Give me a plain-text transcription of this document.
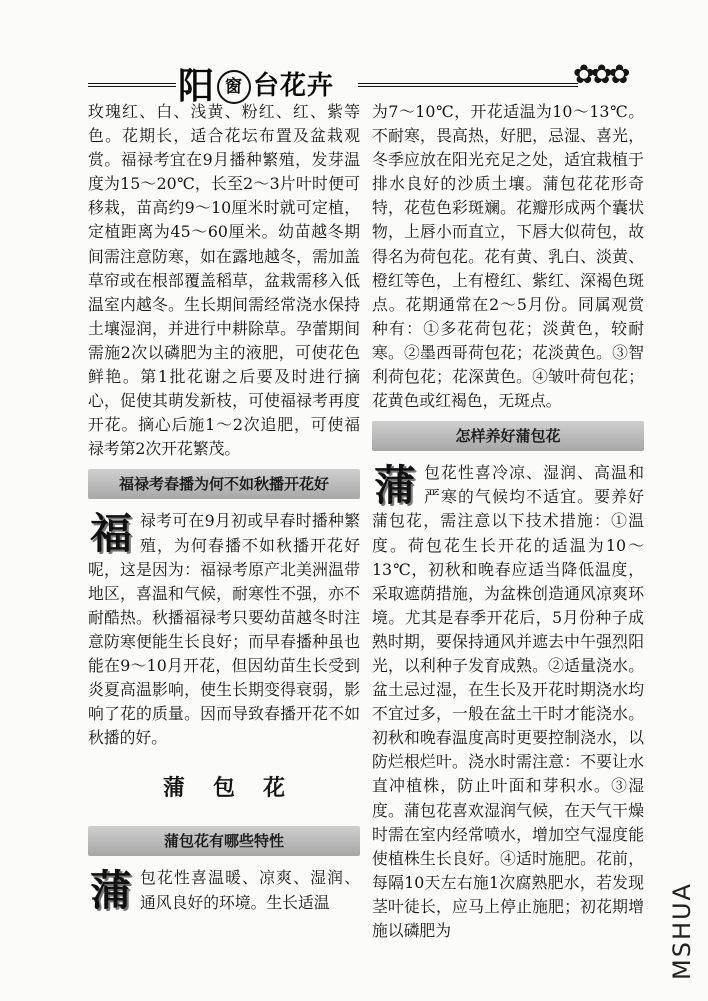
阳 窗 台花卉	✿✿✿

玫瑰红、白、浅黄、粉红、红、紫等色。花期长，适合花坛布置及盆栽观赏。福禄考宜在9月播种繁殖，发芽温度为15～20℃，长至2～3片叶时便可移栽，苗高约9～10厘米时就可定植，定植距离为45～60厘米。幼苗越冬期间需注意防寒，如在露地越冬，需加盖草帘或在根部覆盖稻草，盆栽需移入低温室内越冬。生长期间需经常浇水保持土壤湿润，并进行中耕除草。孕蕾期间需施2次以磷肥为主的液肥，可使花色鲜艳。第1批花谢之后要及时进行摘心，促使其萌发新枝，可使福禄考再度开花。摘心后施1～2次追肥，可使福禄考第2次开花繁茂。

福禄考春播为何不如秋播开花好

福禄考可在9月初或早春时播种繁殖，为何春播不如秋播开花好呢，这是因为：福禄考原产北美洲温带地区，喜温和气候，耐寒性不强，亦不耐酷热。秋播福禄考只要幼苗越冬时注意防寒便能生长良好；而早春播种虽也能在9～10月开花，但因幼苗生长受到炎夏高温影响，使生长期变得衰弱，影响了花的质量。因而导致春播开花不如秋播的好。

蒲包花
蒲包花有哪些特性

蒲包花性喜温暖、凉爽、湿润、通风良好的环境。生长适温

为7～10℃，开花适温为10～13℃。不耐寒，畏高热，好肥，忌湿、喜光，冬季应放在阳光充足之处，适宜栽植于排水良好的沙质土壤。蒲包花花形奇特，花苞色彩斑斓。花瓣形成两个囊状物，上唇小而直立，下唇大似荷包，故得名为荷包花。花有黄、乳白、淡黄、橙红等色，上有橙红、紫红、深褐色斑点。花期通常在2～5月份。同属观赏种有：①多花荷包花；淡黄色，较耐寒。②墨西哥荷包花；花淡黄色。③智利荷包花；花深黄色。④皱叶荷包花；花黄色或红褐色，无斑点。

怎样养好蒲包花

蒲包花性喜冷凉、湿润、高温和严寒的气候均不适宜。要养好蒲包花，需注意以下技术措施：①温度。荷包花生长开花的适温为10～13℃，初秋和晚春应适当降低温度，采取遮荫措施，为盆株创造通风凉爽环境。尤其是春季开花后，5月份种子成熟时期，要保持通风并遮去中午强烈阳光，以利种子发育成熟。②适量浇水。盆土忌过湿，在生长及开花时期浇水均不宜过多，一般在盆土干时才能浇水。初秋和晚春温度高时更要控制浇水，以防烂根烂叶。浇水时需注意：不要让水直冲植株，防止叶面和芽积水。③湿度。蒲包花喜欢湿润气候，在天气干燥时需在室内经常喷水，增加空气湿度能使植株生长良好。④适时施肥。花前，每隔10天左右施1次腐熟肥水，若发现茎叶徒长，应马上停止施肥；初花期增施以磷肥为	MSHUA
